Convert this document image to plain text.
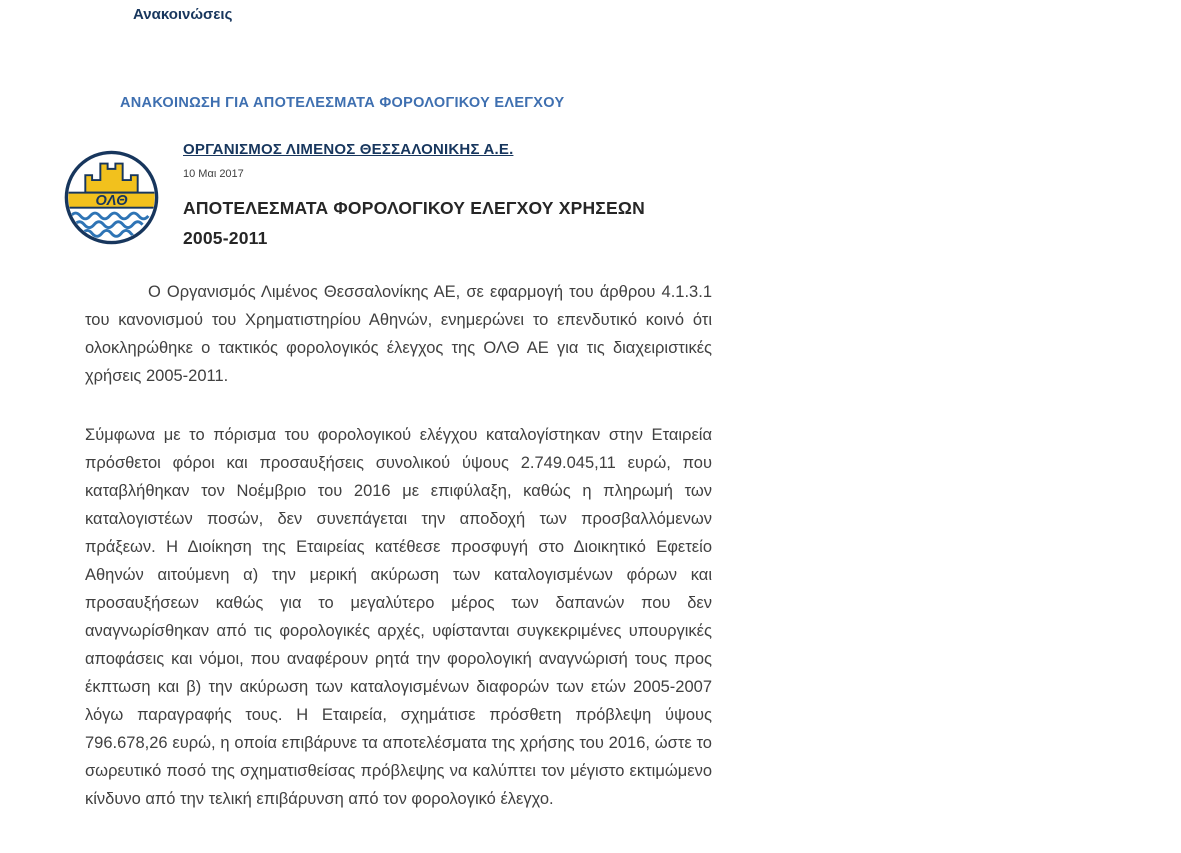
Ανακοινώσεις
ΑΝΑΚΟΙΝΩΣΗ ΓΙΑ ΑΠΟΤΕΛΕΣΜΑΤΑ ΦΟΡΟΛΟΓΙΚΟΥ ΕΛΕΓΧΟΥ
ΟΛΘ
ΟΡΓΑΝΙΣΜΟΣ ΛΙΜΕΝΟΣ ΘΕΣΣΑΛΟΝΙΚΗΣ Α.Ε.
10 Μαι 2017
ΑΠΟΤΕΛΕΣΜΑΤΑ ΦΟΡΟΛΟΓΙΚΟΥ ΕΛΕΓΧΟΥ ΧΡΗΣΕΩΝ 2005-2011

Ο Οργανισμός Λιμένος Θεσσαλονίκης ΑΕ, σε εφαρμογή του άρθρου 4.1.3.1 του κανονισμού του Χρηματιστηρίου Αθηνών, ενημερώνει το επενδυτικό κοινό ότι ολοκληρώθηκε ο τακτικός φορολογικός έλεγχος της ΟΛΘ ΑΕ για τις διαχειριστικές χρήσεις 2005-2011.

Σύμφωνα με το πόρισμα του φορολογικού ελέγχου καταλογίστηκαν στην Εταιρεία πρόσθετοι φόροι και προσαυξήσεις συνολικού ύψους 2.749.045,11 ευρώ, που καταβλήθηκαν τον Νοέμβριο του 2016 με επιφύλαξη, καθώς η πληρωμή των καταλογιστέων ποσών, δεν συνεπάγεται την αποδοχή των προσβαλλόμενων πράξεων. Η Διοίκηση της Εταιρείας κατέθεσε προσφυγή στο Διοικητικό Εφετείο Αθηνών αιτούμενη α) την μερική ακύρωση των καταλογισμένων φόρων και προσαυξήσεων καθώς για το μεγαλύτερο μέρος των δαπανών που δεν αναγνωρίσθηκαν από τις φορολογικές αρχές, υφίστανται συγκεκριμένες υπουργικές αποφάσεις και νόμοι, που αναφέρουν ρητά την φορολογική αναγνώρισή τους προς έκπτωση και β) την ακύρωση των καταλογισμένων διαφορών των ετών 2005-2007 λόγω παραγραφής τους. Η Εταιρεία, σχημάτισε πρόσθετη πρόβλεψη ύψους 796.678,26 ευρώ, η οποία επιβάρυνε τα αποτελέσματα της χρήσης του 2016, ώστε το σωρευτικό ποσό της σχηματισθείσας πρόβλεψης να καλύπτει τον μέγιστο εκτιμώμενο κίνδυνο από την τελική επιβάρυνση από τον φορολογικό έλεγχο.
